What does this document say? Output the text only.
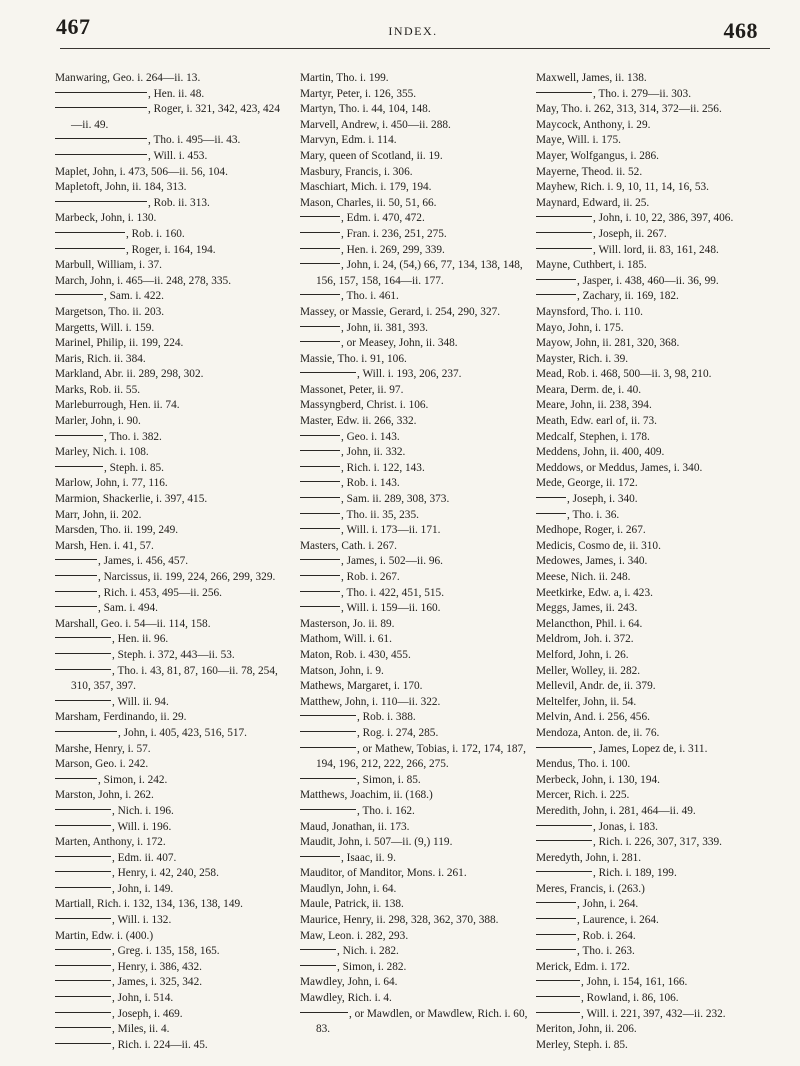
467	INDEX.	468

Manwaring, Geo. i. 264—ii. 13.

, Hen. ii. 48.

, Roger, i. 321, 342, 423, 424—ii. 49.

, Tho. i. 495—ii. 43.

, Will. i. 453.

Maplet, John, i. 473, 506—ii. 56, 104.

Mapletoft, John, ii. 184, 313.

, Rob. ii. 313.

Marbeck, John, i. 130.

, Rob. i. 160.

, Roger, i. 164, 194.

Marbull, William, i. 37.

March, John, i. 465—ii. 248, 278, 335.

, Sam. i. 422.

Margetson, Tho. ii. 203.

Margetts, Will. i. 159.

Marinel, Philip, ii. 199, 224.

Maris, Rich. ii. 384.

Markland, Abr. ii. 289, 298, 302.

Marks, Rob. ii. 55.

Marleburrough, Hen. ii. 74.

Marler, John, i. 90.

, Tho. i. 382.

Marley, Nich. i. 108.

, Steph. i. 85.

Marlow, John, i. 77, 116.

Marmion, Shackerlie, i. 397, 415.

Marr, John, ii. 202.

Marsden, Tho. ii. 199, 249.

Marsh, Hen. i. 41, 57.

, James, i. 456, 457.

, Narcissus, ii. 199, 224, 266, 299, 329.

, Rich. i. 453, 495—ii. 256.

, Sam. i. 494.

Marshall, Geo. i. 54—ii. 114, 158.

, Hen. ii. 96.

, Steph. i. 372, 443—ii. 53.

, Tho. i. 43, 81, 87, 160—ii. 78, 254, 310, 357, 397.

, Will. ii. 94.

Marsham, Ferdinando, ii. 29.

, John, i. 405, 423, 516, 517.

Marshe, Henry, i. 57.

Marson, Geo. i. 242.

, Simon, i. 242.

Marston, John, i. 262.

, Nich. i. 196.

, Will. i. 196.

Marten, Anthony, i. 172.

, Edm. ii. 407.

, Henry, i. 42, 240, 258.

, John, i. 149.

Martiall, Rich. i. 132, 134, 136, 138, 149.

, Will. i. 132.

Martin, Edw. i. (400.)

, Greg. i. 135, 158, 165.

, Henry, i. 386, 432.

, James, i. 325, 342.

, John, i. 514.

, Joseph, i. 469.

, Miles, ii. 4.

, Rich. i. 224—ii. 45.

Martin, Tho. i. 199.

Martyr, Peter, i. 126, 355.

Martyn, Tho. i. 44, 104, 148.

Marvell, Andrew, i. 450—ii. 288.

Marvyn, Edm. i. 114.

Mary, queen of Scotland, ii. 19.

Masbury, Francis, i. 306.

Maschiart, Mich. i. 179, 194.

Mason, Charles, ii. 50, 51, 66.

, Edm. i. 470, 472.

, Fran. i. 236, 251, 275.

, Hen. i. 269, 299, 339.

, John, i. 24, (54,) 66, 77, 134, 138, 148, 156, 157, 158, 164—ii. 177.

, Tho. i. 461.

Massey, or Massie, Gerard, i. 254, 290, 327.

, John, ii. 381, 393.

, or Measey, John, ii. 348.

Massie, Tho. i. 91, 106.

, Will. i. 193, 206, 237.

Massonet, Peter, ii. 97.

Massyngberd, Christ. i. 106.

Master, Edw. ii. 266, 332.

, Geo. i. 143.

, John, ii. 332.

, Rich. i. 122, 143.

, Rob. i. 143.

, Sam. ii. 289, 308, 373.

, Tho. ii. 35, 235.

, Will. i. 173—ii. 171.

Masters, Cath. i. 267.

, James, i. 502—ii. 96.

, Rob. i. 267.

, Tho. i. 422, 451, 515.

, Will. i. 159—ii. 160.

Masterson, Jo. ii. 89.

Mathom, Will. i. 61.

Maton, Rob. i. 430, 455.

Matson, John, i. 9.

Mathews, Margaret, i. 170.

Matthew, John, i. 110—ii. 322.

, Rob. i. 388.

, Rog. i. 274, 285.

, or Mathew, Tobias, i. 172, 174, 187, 194, 196, 212, 222, 266, 275.

, Simon, i. 85.

Matthews, Joachim, ii. (168.)

, Tho. i. 162.

Maud, Jonathan, ii. 173.

Maudit, John, i. 507—ii. (9,) 119.

, Isaac, ii. 9.

Mauditor, of Manditor, Mons. i. 261.

Maudlyn, John, i. 64.

Maule, Patrick, ii. 138.

Maurice, Henry, ii. 298, 328, 362, 370, 388.

Maw, Leon. i. 282, 293.

, Nich. i. 282.

, Simon, i. 282.

Mawdley, John, i. 64.

Mawdley, Rich. i. 4.

, or Mawdlen, or Mawdlew, Rich. i. 60, 83.

Maxwell, James, ii. 138.

, Tho. i. 279—ii. 303.

May, Tho. i. 262, 313, 314, 372—ii. 256.

Maycock, Anthony, i. 29.

Maye, Will. i. 175.

Mayer, Wolfgangus, i. 286.

Mayerne, Theod. ii. 52.

Mayhew, Rich. i. 9, 10, 11, 14, 16, 53.

Maynard, Edward, ii. 25.

, John, i. 10, 22, 386, 397, 406.

, Joseph, ii. 267.

, Will. lord, ii. 83, 161, 248.

Mayne, Cuthbert, i. 185.

, Jasper, i. 438, 460—ii. 36, 99.

, Zachary, ii. 169, 182.

Maynsford, Tho. i. 110.

Mayo, John, i. 175.

Mayow, John, ii. 281, 320, 368.

Mayster, Rich. i. 39.

Mead, Rob. i. 468, 500—ii. 3, 98, 210.

Meara, Derm. de, i. 40.

Meare, John, ii. 238, 394.

Meath, Edw. earl of, ii. 73.

Medcalf, Stephen, i. 178.

Meddens, John, ii. 400, 409.

Meddows, or Meddus, James, i. 340.

Mede, George, ii. 172.

, Joseph, i. 340.

, Tho. i. 36.

Medhope, Roger, i. 267.

Medicis, Cosmo de, ii. 310.

Medowes, James, i. 340.

Meese, Nich. ii. 248.

Meetkirke, Edw. a, i. 423.

Meggs, James, ii. 243.

Melancthon, Phil. i. 64.

Meldrom, Joh. i. 372.

Melford, John, i. 26.

Meller, Wolley, ii. 282.

Mellevil, Andr. de, ii. 379.

Meltelfer, John, ii. 54.

Melvin, And. i. 256, 456.

Mendoza, Anton. de, ii. 76.

, James, Lopez de, i. 311.

Mendus, Tho. i. 100.

Merbeck, John, i. 130, 194.

Mercer, Rich. i. 225.

Meredith, John, i. 281, 464—ii. 49.

, Jonas, i. 183.

, Rich. i. 226, 307, 317, 339.

Meredyth, John, i. 281.

, Rich. i. 189, 199.

Meres, Francis, i. (263.)

, John, i. 264.

, Laurence, i. 264.

, Rob. i. 264.

, Tho. i. 263.

Merick, Edm. i. 172.

, John, i. 154, 161, 166.

, Rowland, i. 86, 106.

, Will. i. 221, 397, 432—ii. 232.

Meriton, John, ii. 206.

Merley, Steph. i. 85.
